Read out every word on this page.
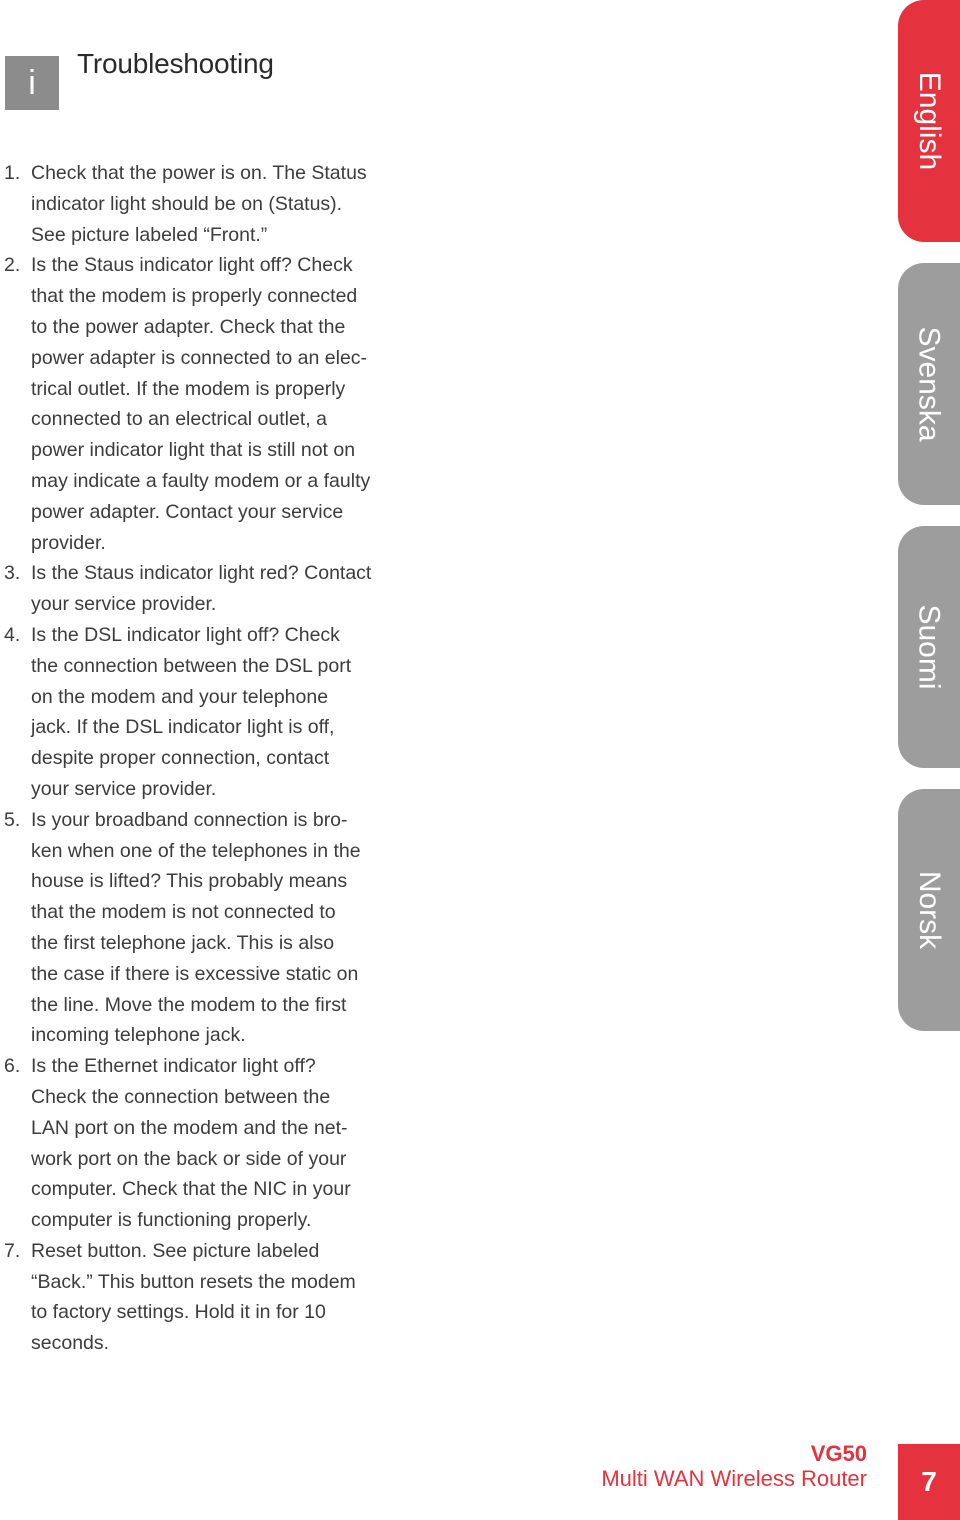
i Troubleshooting
1. Check that the power is on. The Status
indicator light should be on (Status).
See picture labeled “Front.”
2. Is the Staus indicator light off? Check
that the modem is properly connected
to the power adapter. Check that the
power adapter is connected to an elec-
trical outlet. If the modem is properly
connected to an electrical outlet, a
power indicator light that is still not on
may indicate a faulty modem or a faulty
power adapter. Contact your service
provider.
3. Is the Staus indicator light red? Contact
your service provider.
4. Is the DSL indicator light off? Check
the connection between the DSL port
on the modem and your telephone
jack. If the DSL indicator light is off,
despite proper connection, contact
your service provider.
5. Is your broadband connection is bro-
ken when one of the telephones in the
house is lifted? This probably means
that the modem is not connected to
the first telephone jack. This is also
the case if there is excessive static on
the line. Move the modem to the first
incoming telephone jack.
6. Is the Ethernet indicator light off?
Check the connection between the
LAN port on the modem and the net-
work port on the back or side of your
computer. Check that the NIC in your
computer is functioning properly.
7. Reset button. See picture labeled
“Back.” This button resets the modem
to factory settings. Hold it in for 10
seconds.
English
Svenska
Suomi
Norsk
VG50
Multi WAN Wireless Router 7
